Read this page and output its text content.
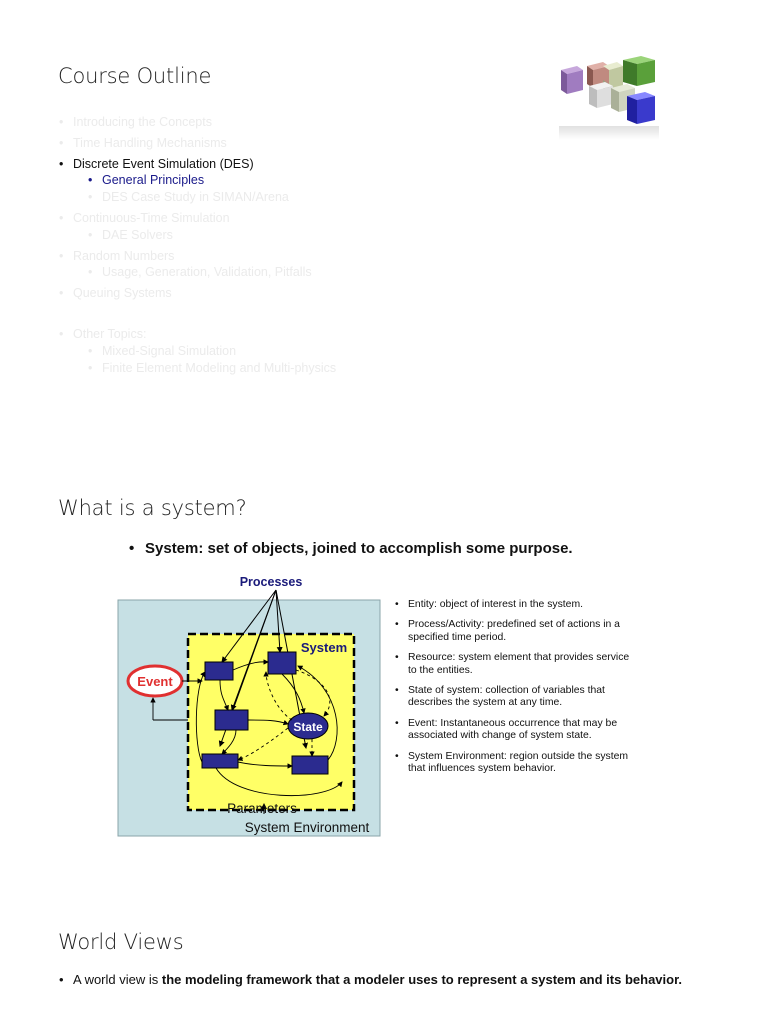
Course Outline
• Introducing the Concepts
• Time Handling Mechanisms
• Discrete Event Simulation (DES)
• General Principles
• DES Case Study in SIMAN/Arena
• Continuous-Time Simulation
• DAE Solvers
• Random Numbers
• Usage, Generation, Validation, Pitfalls
• Queuing Systems
• Other Topics:
• Mixed-Signal Simulation
• Finite Element Modeling and Multi-physics
What is a system?
• System: set of objects, joined to accomplish some purpose.
Event
Processes
System
State
Parameters
System Environment
• Entity: object of interest in the system.
• Process/Activity: predefined set of actions in a specified time period.
• Resource: system element that provides service to the entities.
• State of system: collection of variables that describes the system at any time.
• Event: Instantaneous occurrence that may be associated with change of system state.
• System Environment: region outside the system that influences system behavior.
World Views
• A world view is the modeling framework that a modeler uses to represent a system and its behavior.
